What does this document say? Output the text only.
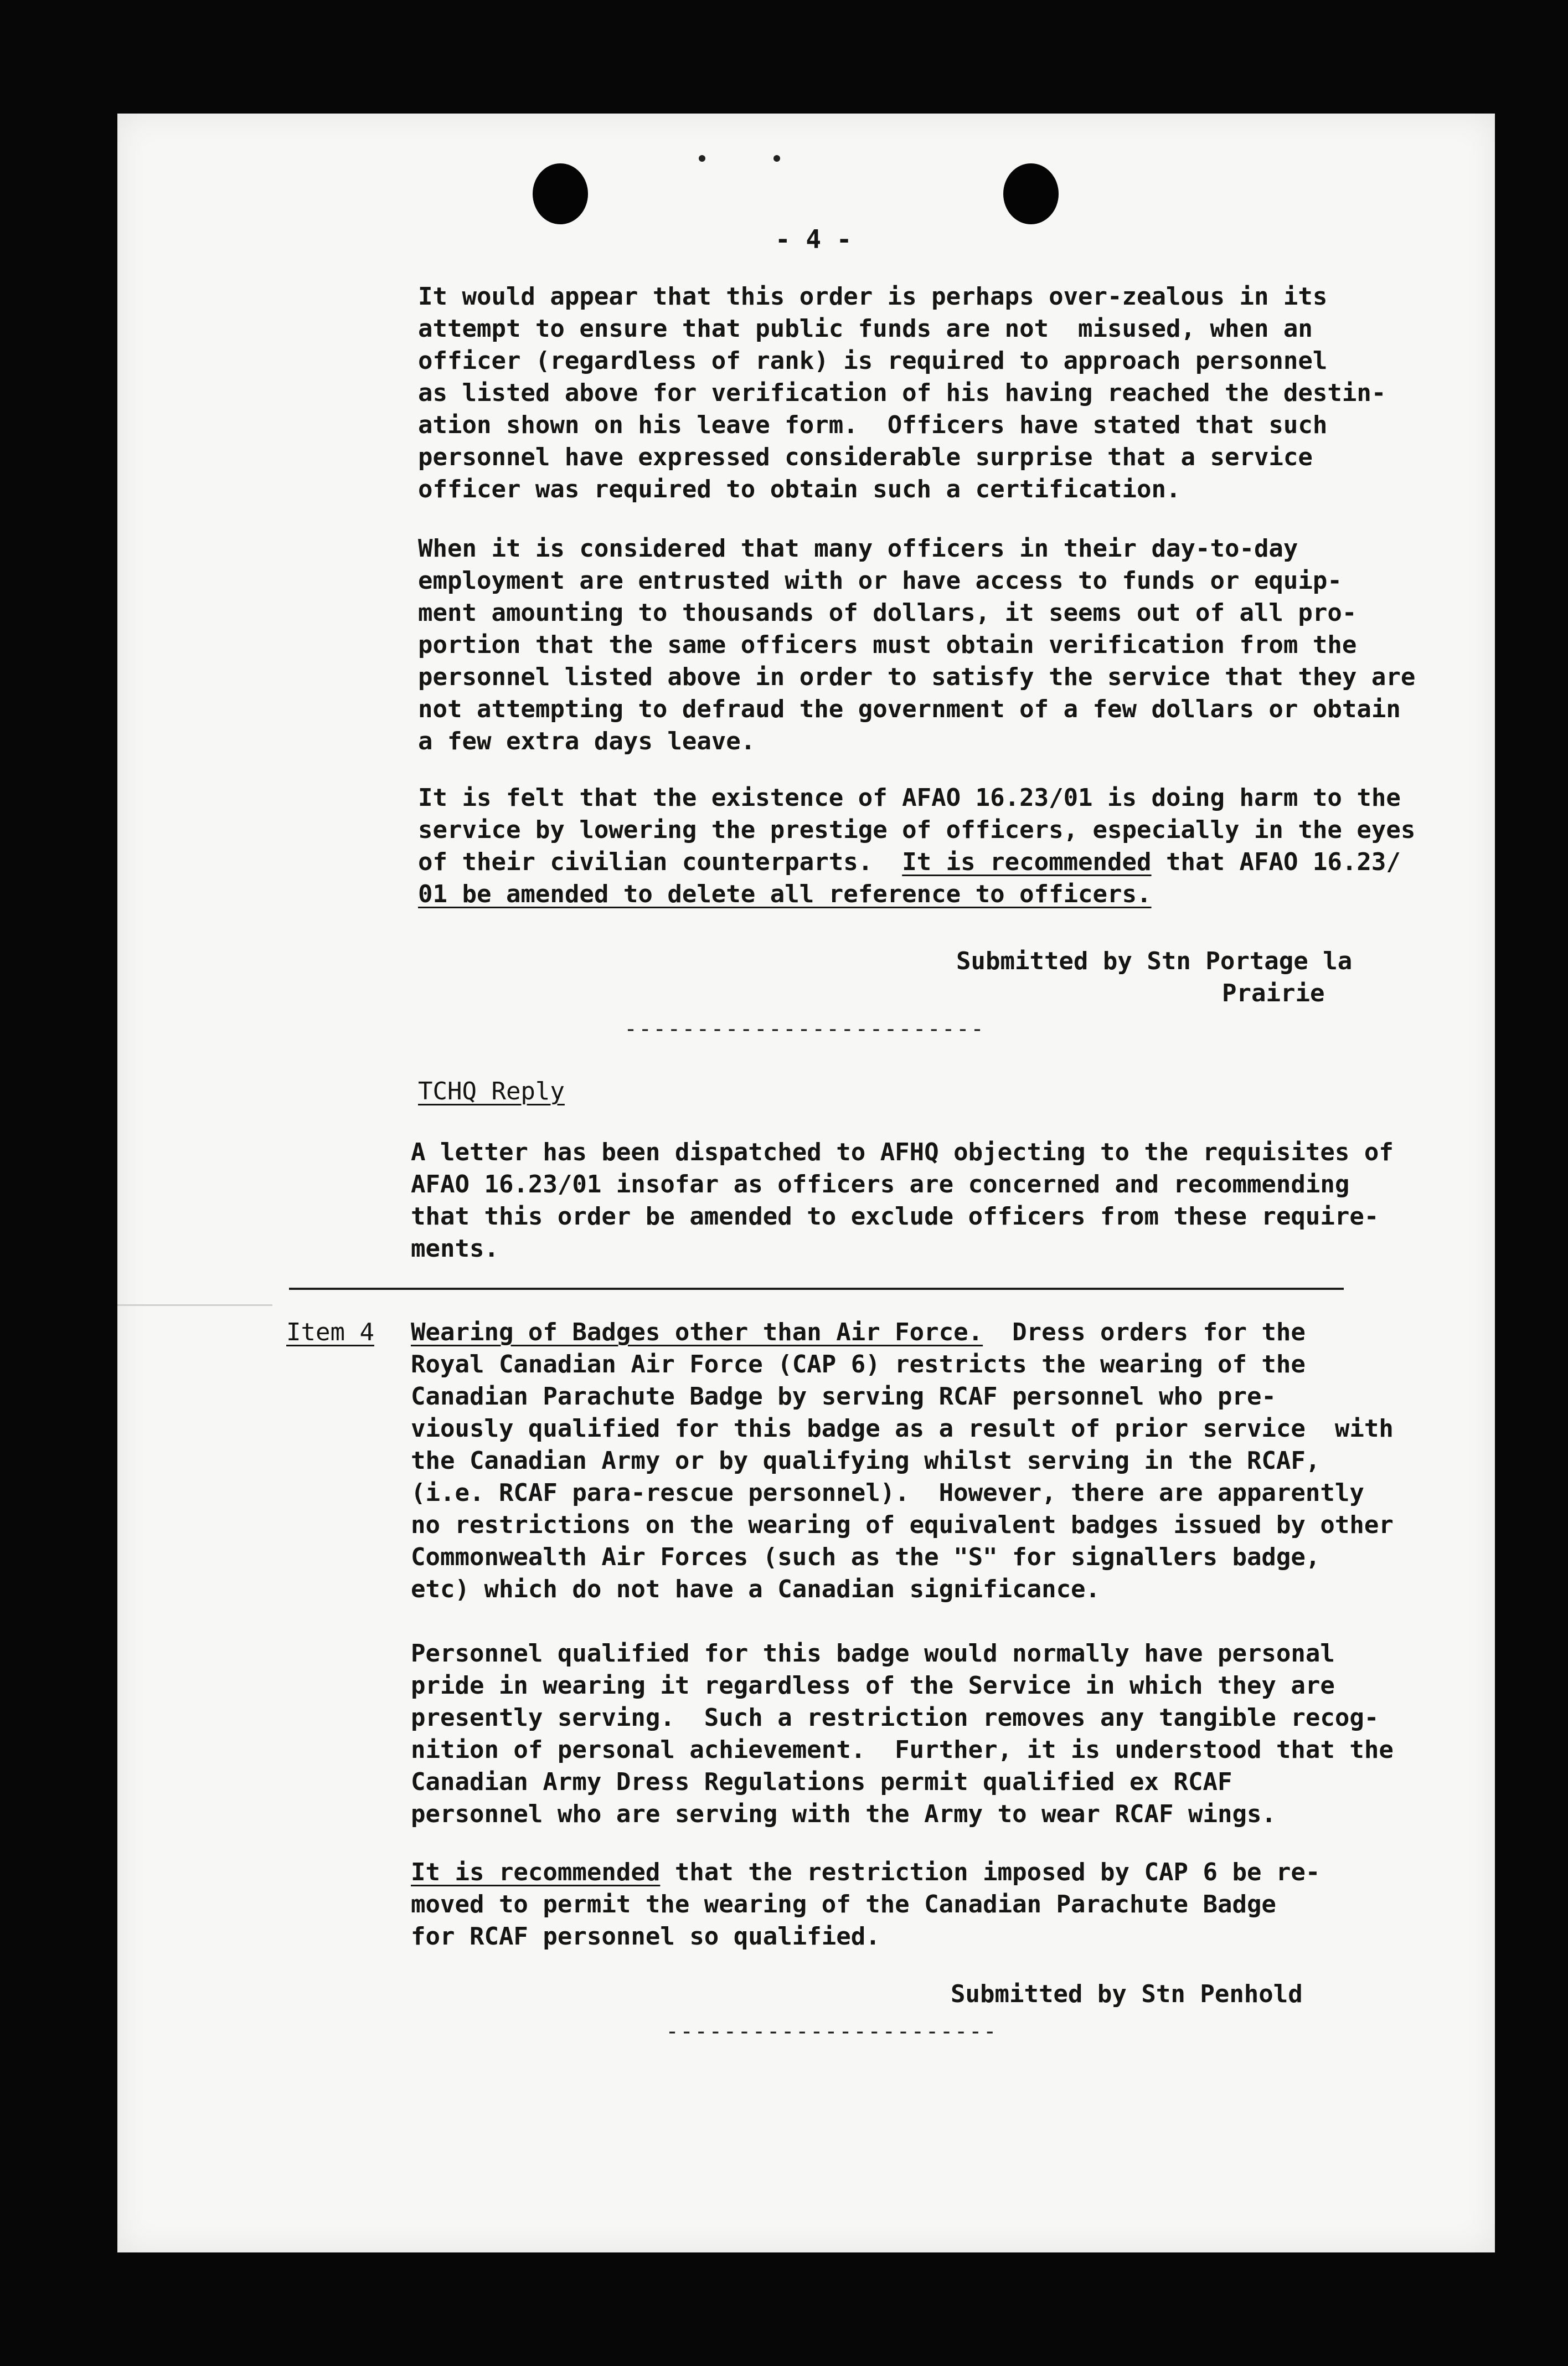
- 4 -

It would appear that this order is perhaps over-zealous in its

attempt to ensure that public funds are not  misused, when an

officer (regardless of rank) is required to approach personnel

as listed above for verification of his having reached the destin-

ation shown on his leave form.  Officers have stated that such

personnel have expressed considerable surprise that a service

officer was required to obtain such a certification.

When it is considered that many officers in their day-to-day

employment are entrusted with or have access to funds or equip-

ment amounting to thousands of dollars, it seems out of all pro-

portion that the same officers must obtain verification from the

personnel listed above in order to satisfy the service that they are

not attempting to defraud the government of a few dollars or obtain

a few extra days leave.

It is felt that the existence of AFAO 16.23/01 is doing harm to the

service by lowering the prestige of officers, especially in the eyes

of their civilian counterparts.  It is recommended that AFAO 16.23/

01 be amended to delete all reference to officers.

Submitted by Stn Portage la

Prairie

-------------------------
TCHQ Reply

A letter has been dispatched to AFHQ objecting to the requisites of

AFAO 16.23/01 insofar as officers are concerned and recommending

that this order be amended to exclude officers from these require-

ments.

Item 4

Wearing of Badges other than Air Force.  Dress orders for the

Royal Canadian Air Force (CAP 6) restricts the wearing of the

Canadian Parachute Badge by serving RCAF personnel who pre-

viously qualified for this badge as a result of prior service  with

the Canadian Army or by qualifying whilst serving in the RCAF,

(i.e. RCAF para-rescue personnel).  However, there are apparently

no restrictions on the wearing of equivalent badges issued by other

Commonwealth Air Forces (such as the "S" for signallers badge,

etc) which do not have a Canadian significance.

Personnel qualified for this badge would normally have personal

pride in wearing it regardless of the Service in which they are

presently serving.  Such a restriction removes any tangible recog-

nition of personal achievement.  Further, it is understood that the

Canadian Army Dress Regulations permit qualified ex RCAF

personnel who are serving with the Army to wear RCAF wings.

It is recommended that the restriction imposed by CAP 6 be re-

moved to permit the wearing of the Canadian Parachute Badge

for RCAF personnel so qualified.

Submitted by Stn Penhold
-----------------------
